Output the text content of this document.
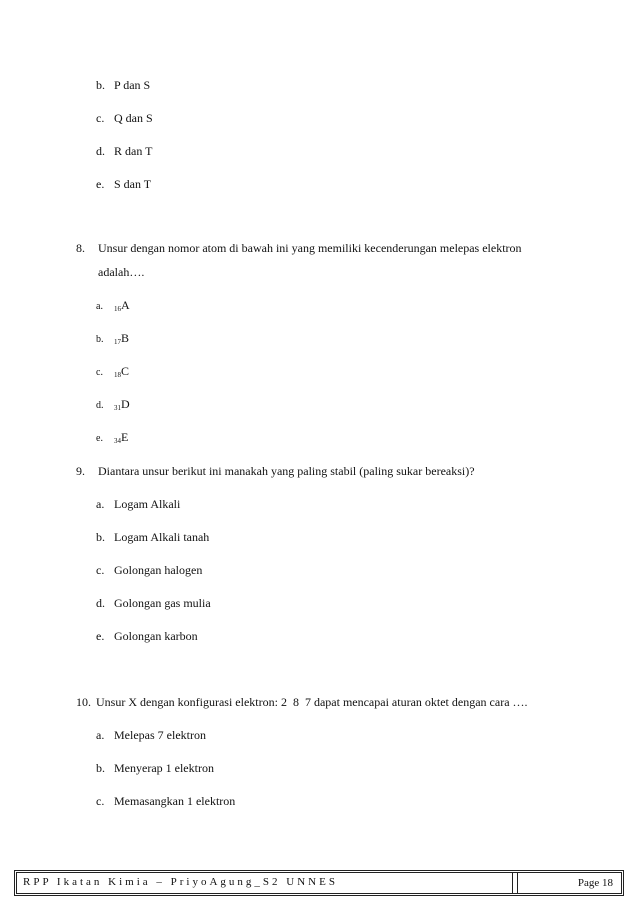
b. P dan S
c. Q dan S
d. R dan T
e. S dan T
8. Unsur dengan nomor atom di bawah ini yang memiliki kecenderungan melepas elektron
adalah….
a. $_{16}$A
b. $_{17}$B
c. $_{18}$C
d. $_{31}$D
e. $_{34}$E
9. Diantara unsur berikut ini manakah yang paling stabil (paling sukar bereaksi)?
a. Logam Alkali
b. Logam Alkali tanah
c. Golongan halogen
d. Golongan gas mulia
e. Golongan karbon
10. Unsur X dengan konfigurasi elektron: 2  8  7 dapat mencapai aturan oktet dengan cara ….
a. Melepas 7 elektron
b. Menyerap 1 elektron
c. Memasangkan 1 elektron
RPP Ikatan Kimia – PriyoAgung_S2 UNNES	Page 18
